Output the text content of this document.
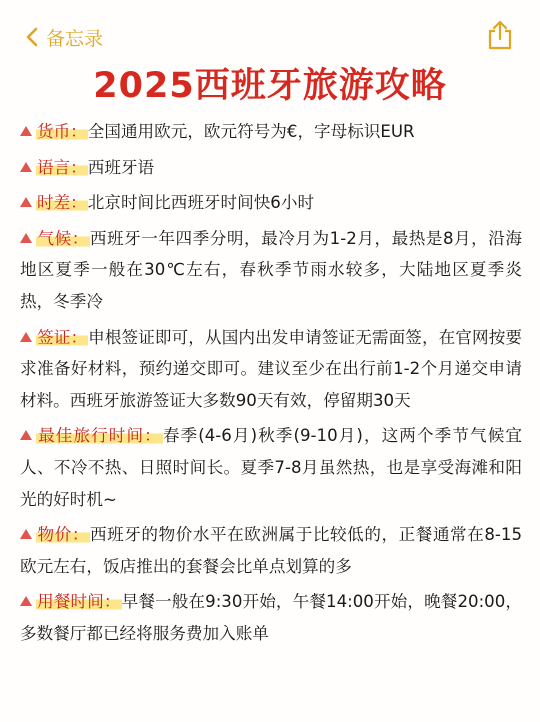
备忘录
2025西班牙旅游攻略

货币：全国通用欧元，欧元符号为€，字母标识EUR

语言：西班牙语

时差：北京时间比西班牙时间快6小时

气候：西班牙一年四季分明，最冷月为1-2月，最热是8月，沿海地区夏季一般在30℃左右，春秋季节雨水较多，大陆地区夏季炎热，冬季冷

签证：申根签证即可，从国内出发申请签证无需面签，在官网按要求准备好材料，预约递交即可。建议至少在出行前1-2个月递交申请材料。西班牙旅游签证大多数90天有效，停留期30天

最佳旅行时间：春季(4-6月)秋季(9-10月)，这两个季节气候宜人、不冷不热、日照时间长。夏季7-8月虽然热，也是享受海滩和阳光的好时机~

物价：西班牙的物价水平在欧洲属于比较低的，正餐通常在8-15欧元左右，饭店推出的套餐会比单点划算的多

用餐时间：早餐一般在9:30开始，午餐14:00开始，晚餐20:00，多数餐厅都已经将服务费加入账单
